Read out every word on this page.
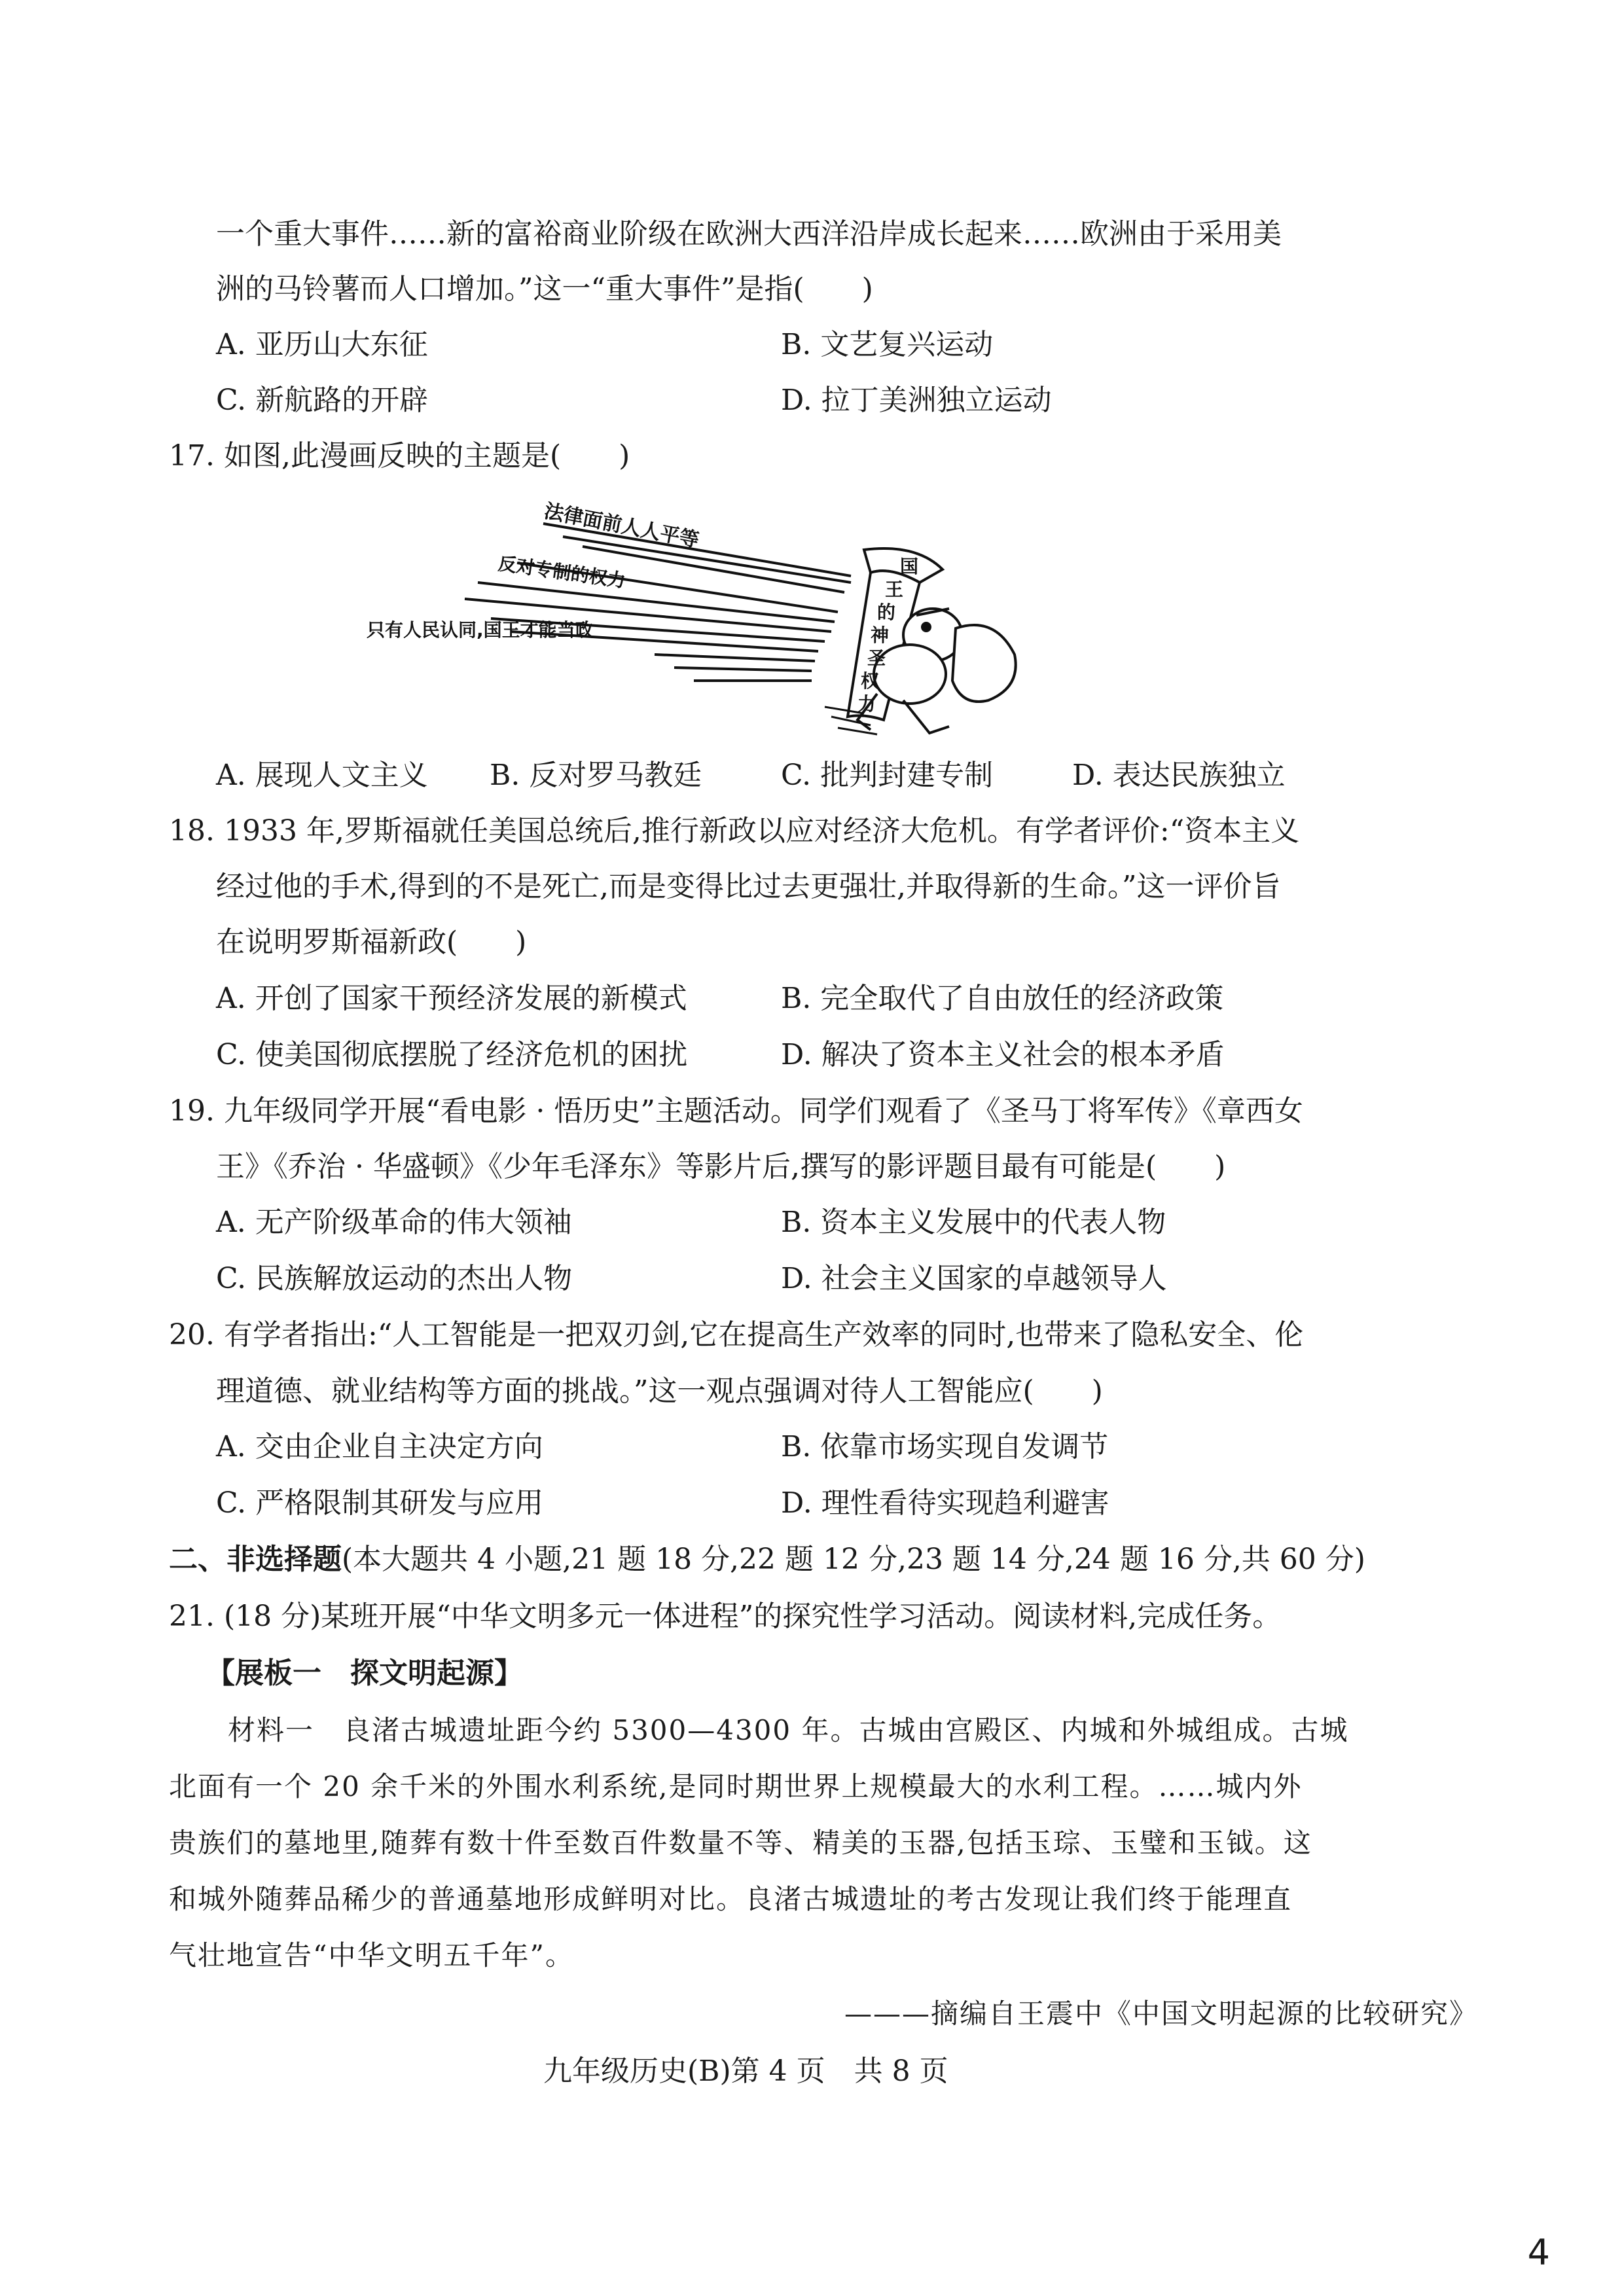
一个重大事件……新的富裕商业阶级在欧洲大西洋沿岸成长起来……欧洲由于采用美
洲的马铃薯而人口增加。”这一“重大事件”是指(　　)
A. 亚历山大东征	B. 文艺复兴运动
C. 新航路的开辟	D. 拉丁美洲独立运动
17. 如图,此漫画反映的主题是(　　)
法律面前人人平等
反对专制的权力
只有人民认同,国王才能当政
国
王
的
神
圣
权
力
A. 展现人文主义 B. 反对罗马教廷	C. 批判封建专制	D. 表达民族独立
18. 1933 年,罗斯福就任美国总统后,推行新政以应对经济大危机。有学者评价:“资本主义
经过他的手术,得到的不是死亡,而是变得比过去更强壮,并取得新的生命。”这一评价旨
在说明罗斯福新政(　　)
A. 开创了国家干预经济发展的新模式	B. 完全取代了自由放任的经济政策
C. 使美国彻底摆脱了经济危机的困扰	D. 解决了资本主义社会的根本矛盾
19. 九年级同学开展“看电影 · 悟历史”主题活动。同学们观看了《圣马丁将军传》《章西女
王》《乔治 · 华盛顿》《少年毛泽东》等影片后,撰写的影评题目最有可能是(　　)
A. 无产阶级革命的伟大领袖	B. 资本主义发展中的代表人物
C. 民族解放运动的杰出人物	D. 社会主义国家的卓越领导人
20. 有学者指出:“人工智能是一把双刃剑,它在提高生产效率的同时,也带来了隐私安全、伦
理道德、就业结构等方面的挑战。”这一观点强调对待人工智能应(　　)
A. 交由企业自主决定方向	B. 依靠市场实现自发调节
C. 严格限制其研发与应用	D. 理性看待实现趋利避害
二、非选择题(本大题共 4 小题,21 题 18 分,22 题 12 分,23 题 14 分,24 题 16 分,共 60 分)
21. (18 分)某班开展“中华文明多元一体进程”的探究性学习活动。阅读材料,完成任务。
【展板一　探文明起源】
材料一　良渚古城遗址距今约 5300—4300 年。古城由宫殿区、内城和外城组成。古城
北面有一个 20 余千米的外围水利系统,是同时期世界上规模最大的水利工程。……城内外
贵族们的墓地里,随葬有数十件至数百件数量不等、精美的玉器,包括玉琮、玉璧和玉钺。这
和城外随葬品稀少的普通墓地形成鲜明对比。良渚古城遗址的考古发现让我们终于能理直
气壮地宣告“中华文明五千年”。
———摘编自王震中《中国文明起源的比较研究》
九年级历史(B)第 4 页　共 8 页
4
